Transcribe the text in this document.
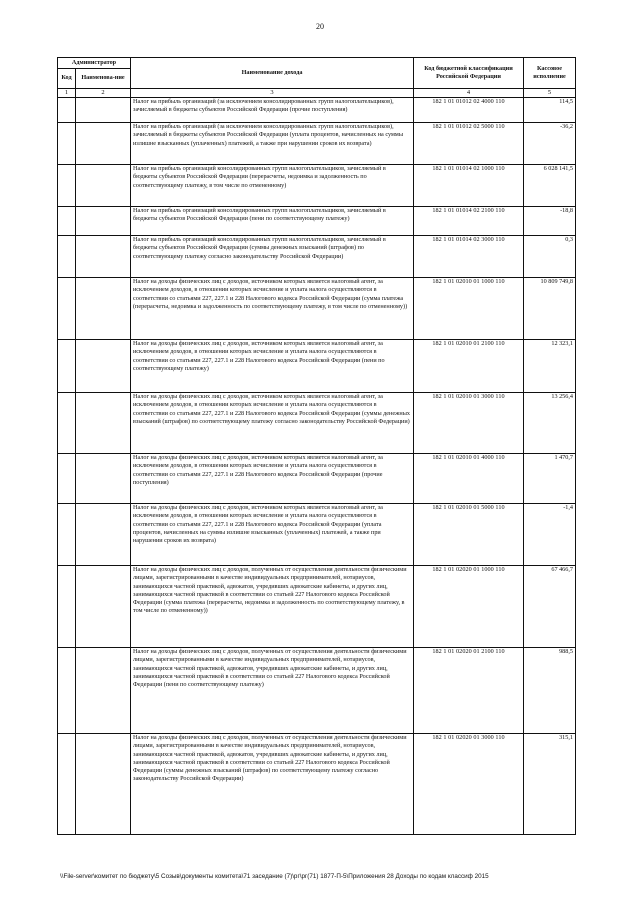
20
Администратор		Наименование дохода	Код бюджетной классификации Российской Федерации	Кассовое исполнение
Код	Наименова-ние			
1	2	3	4	5
		Налог на прибыль организаций (за исключением консолидированных групп налогоплательщиков), зачисляемый в бюджеты субъектов Российской Федерации (прочие поступления)	182 1 01 01012 02 4000 110	114,5
		Налог на прибыль организаций (за исключением консолидированных групп налогоплательщиков), зачисляемый в бюджеты субъектов Российской Федерации (уплата процентов, начисленных на суммы излишне взысканных (уплаченных) платежей, а также при нарушении сроков их возврата)	182 1 01 01012 02 5000 110	-36,2
		Налог на прибыль организаций консолидированных групп налогоплательщиков, зачисляемый в бюджеты субъектов Российской Федерации (перерасчеты, недоимка и задолженность по соответствующему платежу, в том числе по отмененному)	182 1 01 01014 02 1000 110	6 028 141,5
		Налог на прибыль организаций консолидированных групп налогоплательщиков, зачисляемый в бюджеты субъектов Российской Федерации (пени по соответствующему платежу)	182 1 01 01014 02 2100 110	-18,8
		Налог на прибыль организаций консолидированных групп налогоплательщиков, зачисляемый в бюджеты субъектов Российской Федерации (суммы денежных взысканий (штрафов) по соответствующему платежу согласно законодательству Российской Федерации)	182 1 01 01014 02 3000 110	0,3
		Налог на доходы физических лиц с доходов, источником которых является налоговый агент, за исключением доходов, в отношении которых исчисление и уплата налога осуществляются в соответствии со статьями 227, 227.1 и 228 Налогового кодекса Российской Федерации (сумма платежа (перерасчеты, недоимка и задолженность по соответствующему платежу, в том числе по отмененному))	182 1 01 02010 01 1000 110	10 809 749,8
		Налог на доходы физических лиц с доходов, источником которых является налоговый агент, за исключением доходов, в отношении которых исчисление и уплата налога осуществляются в соответствии со статьями 227, 227.1 и 228 Налогового кодекса Российской Федерации (пени по соответствующему платежу)	182 1 01 02010 01 2100 110	12 323,1
		Налог на доходы физических лиц с доходов, источником которых является налоговый агент, за исключением доходов, в отношении которых исчисление и уплата налога осуществляются в соответствии со статьями 227, 227.1 и 228 Налогового кодекса Российской Федерации (суммы денежных взысканий (штрафов) по соответствующему платежу согласно законодательству Российской Федерации)	182 1 01 02010 01 3000 110	13 256,4
		Налог на доходы физических лиц с доходов, источником которых является налоговый агент, за исключением доходов, в отношении которых исчисление и уплата налога осуществляются в соответствии со статьями 227, 227.1 и 228 Налогового кодекса Российской Федерации (прочие поступления)	182 1 01 02010 01 4000 110	1 470,7
		Налог на доходы физических лиц с доходов, источником которых является налоговый агент, за исключением доходов, в отношении которых исчисление и уплата налога осуществляются в соответствии со статьями 227, 227.1 и 228 Налогового кодекса Российской Федерации (уплата процентов, начисленных на суммы излишне взысканных (уплаченных) платежей, а также при нарушении сроков их возврата)	182 1 01 02010 01 5000 110	-1,4
		Налог на доходы физических лиц с доходов, полученных от осуществления деятельности физическими лицами, зарегистрированными в качестве индивидуальных предпринимателей, нотариусов, занимающихся частной практикой, адвокатов, учредивших адвокатские кабинеты, и других лиц, занимающихся частной практикой в соответствии со статьей 227 Налогового кодекса Российской Федерации (сумма платежа (перерасчеты, недоимка и задолженность по соответствующему платежу, в том числе по отмененному))	182 1 01 02020 01 1000 110	67 466,7
		Налог на доходы физических лиц с доходов, полученных от осуществления деятельности физическими лицами, зарегистрированными в качестве индивидуальных предпринимателей, нотариусов, занимающихся частной практикой, адвокатов, учредивших адвокатские кабинеты, и других лиц, занимающихся частной практикой в соответствии со статьей 227 Налогового кодекса Российской Федерации (пени по соответствующему платежу)	182 1 01 02020 01 2100 110	988,5
		Налог на доходы физических лиц с доходов, полученных от осуществления деятельности физическими лицами, зарегистрированными в качестве индивидуальных предпринимателей, нотариусов, занимающихся частной практикой, адвокатов, учредивших адвокатские кабинеты, и других лиц, занимающихся частной практикой в соответствии со статьей 227 Налогового кодекса Российской Федерации (суммы денежных взысканий (штрафов) по соответствующему платежу согласно законодательству Российской Федерации)	182 1 01 02020 01 3000 110	315,1
\\File-server\комитет по бюджету\5 Созыв\документы комитета\71 заседание (7)\рг\рг(71) 1877-П-5\Приложения 28 Доходы по кодам классиф 2015
